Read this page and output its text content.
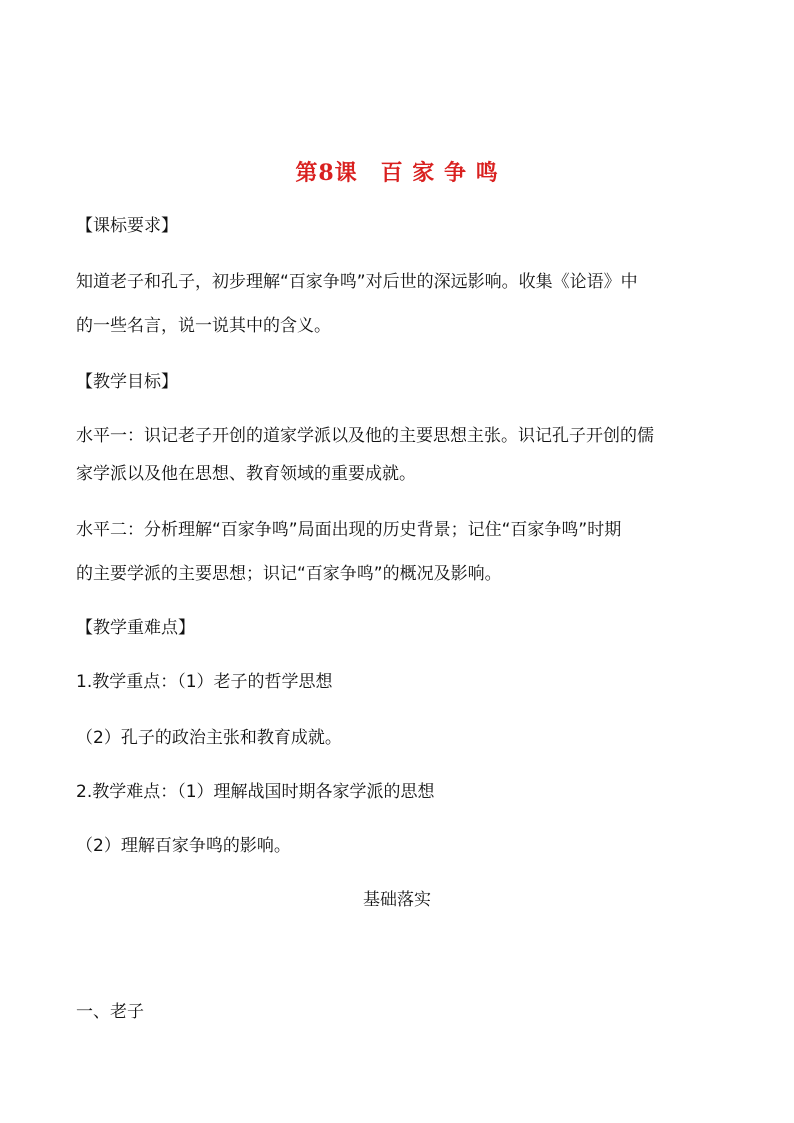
第8课　百 家 争 鸣
【课标要求】
知道老子和孔子，初步理解“百家争鸣”对后世的深远影响。收集《论语》中
的一些名言，说一说其中的含义。
【教学目标】
水平一：识记老子开创的道家学派以及他的主要思想主张。识记孔子开创的儒
家学派以及他在思想、教育领域的重要成就。
水平二：分析理解“百家争鸣”局面出现的历史背景；记住“百家争鸣”时期
的主要学派的主要思想；识记“百家争鸣”的概况及影响。
【教学重难点】
1.教学重点：（1）老子的哲学思想
（2）孔子的政治主张和教育成就。
2.教学难点：（1）理解战国时期各家学派的思想
（2）理解百家争鸣的影响。
基础落实
一、老子
